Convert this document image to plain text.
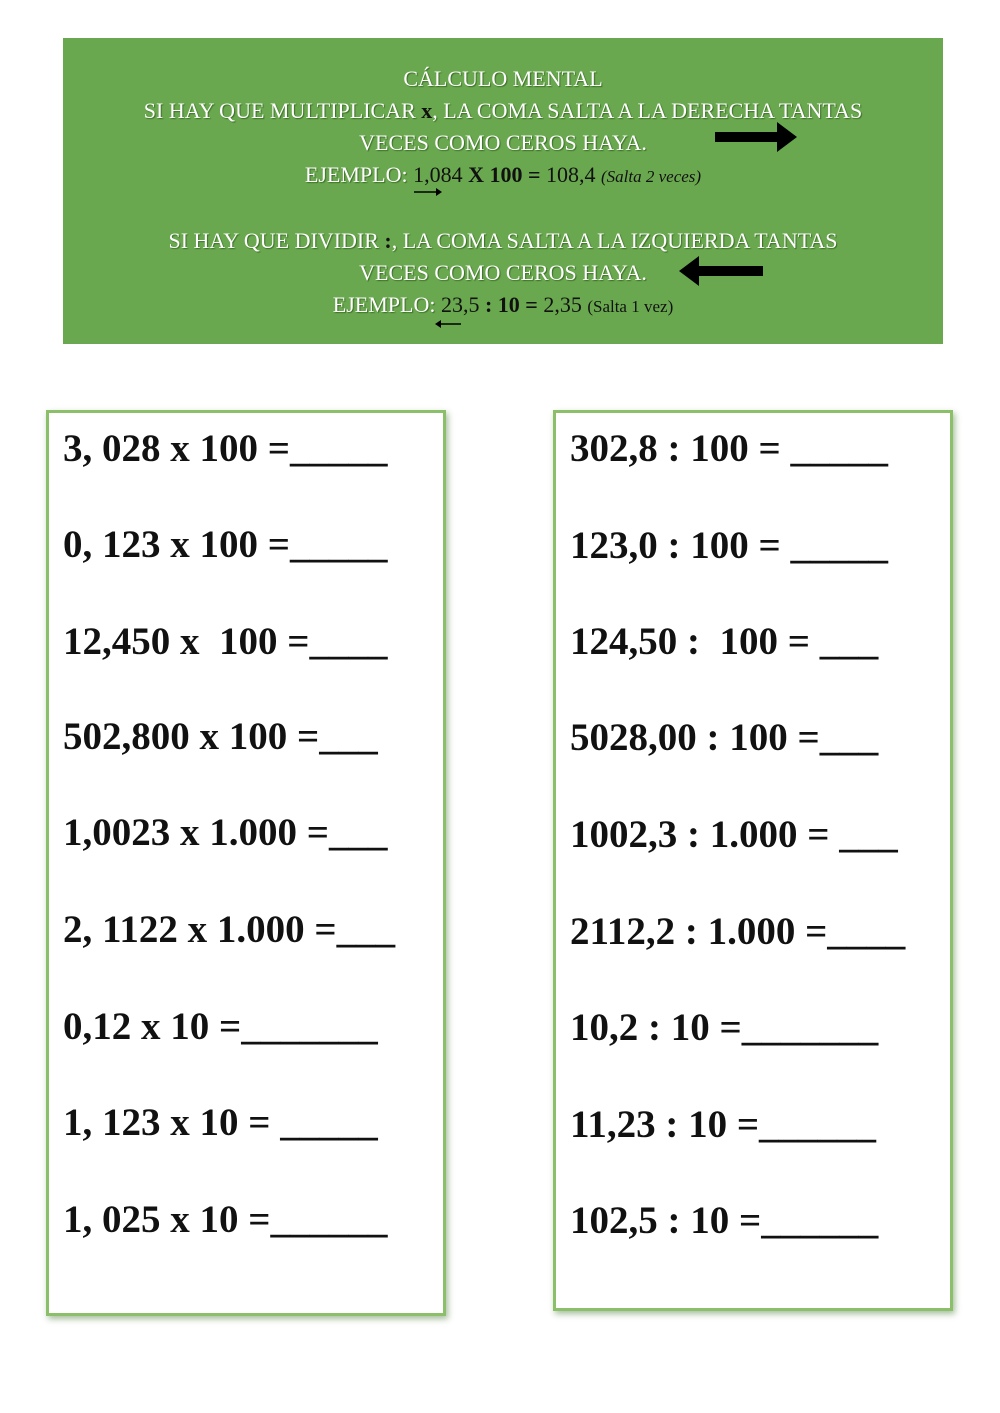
CÁLCULO MENTAL
SI HAY QUE MULTIPLICAR x, LA COMA SALTA A LA DERECHA TANTAS
VECES COMO CEROS HAYA.
EJEMPLO: 1,084 X 100 = 108,4 (Salta 2 veces)
SI HAY QUE DIVIDIR :, LA COMA SALTA A LA IZQUIERDA TANTAS
VECES COMO CEROS HAYA.
EJEMPLO: 23,5 : 10 = 2,35 (Salta 1 vez)
3, 028 x 100 =_____
0, 123 x 100 =_____
12,450 x  100 =____
502,800 x 100 =___
1,0023 x 1.000 =___
2, 1122 x 1.000 =___
0,12 x 10 =_______
1, 123 x 10 = _____
1, 025 x 10 =______
302,8 : 100 = _____
123,0 : 100 = _____
124,50 :  100 = ___
5028,00 : 100 =___
1002,3 : 1.000 = ___
2112,2 : 1.000 =____
10,2 : 10 =_______
11,23 : 10 =______
102,5 : 10 =______
